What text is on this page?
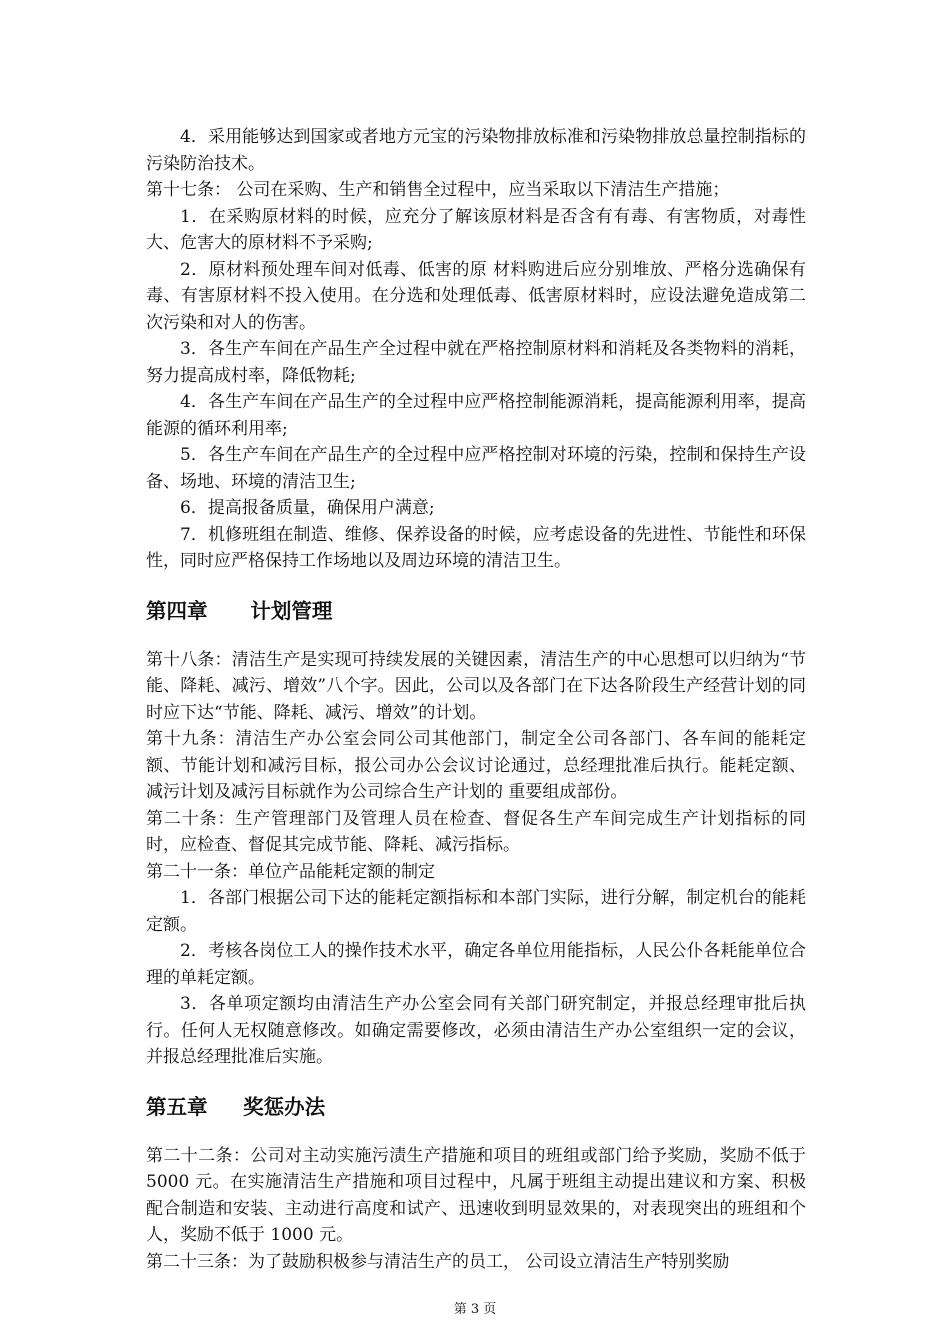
4．采用能够达到国家或者地方元宝的污染物排放标准和污染物排放总量控制指标的污染防治技术。

第十七条： 公司在采购、生产和销售全过程中，应当采取以下清洁生产措施；

1．在采购原材料的时候，应充分了解该原材料是否含有有毒、有害物质，对毒性大、危害大的原材料不予采购;

2．原材料预处理车间对低毒、低害的原 材料购进后应分别堆放、严格分选确保有毒、有害原材料不投入使用。在分选和处理低毒、低害原材料时，应设法避免造成第二次污染和对人的伤害。

3．各生产车间在产品生产全过程中就在严格控制原材料和消耗及各类物料的消耗，努力提高成村率，降低物耗;

4．各生产车间在产品生产的全过程中应严格控制能源消耗，提高能源利用率，提高能源的循环利用率;

5．各生产车间在产品生产的全过程中应严格控制对环境的污染，控制和保持生产设备、场地、环境的清洁卫生;

6．提高报备质量，确保用户满意;

7．机修班组在制造、维修、保养设备的时候，应考虑设备的先进性、节能性和环保性，同时应严格保持工作场地以及周边环境的清洁卫生。

第四章      计划管理

第十八条：清洁生产是实现可持续发展的关键因素，清洁生产的中心思想可以归纳为“节能、降耗、减污、增效”八个字。因此，公司以及各部门在下达各阶段生产经营计划的同时应下达“节能、降耗、减污、增效”的计划。

第十九条：清洁生产办公室会同公司其他部门，制定全公司各部门、各车间的能耗定额、节能计划和减污目标，报公司办公会议讨论通过，总经理批准后执行。能耗定额、减污计划及减污目标就作为公司综合生产计划的 重要组成部份。

第二十条：生产管理部门及管理人员在检查、督促各生产车间完成生产计划指标的同时，应检查、督促其完成节能、降耗、减污指标。

第二十一条：单位产品能耗定额的制定

1．各部门根据公司下达的能耗定额指标和本部门实际，进行分解，制定机台的能耗定额。

2．考核各岗位工人的操作技术水平，确定各单位用能指标，人民公仆各耗能单位合理的单耗定额。

3．各单项定额均由清洁生产办公室会同有关部门研究制定，并报总经理审批后执行。任何人无权随意修改。如确定需要修改，必须由清洁生产办公室组织一定的会议，并报总经理批准后实施。

第五章     奖惩办法

第二十二条：公司对主动实施污渍生产措施和项目的班组或部门给予奖励，奖励不低于 5000 元。在实施清洁生产措施和项目过程中，凡属于班组主动提出建议和方案、积极配合制造和安装、主动进行高度和试产、迅速收到明显效果的，对表现突出的班组和个人，奖励不低于 1000 元。

第二十三条：为了鼓励积极参与清洁生产的员工， 公司设立清洁生产特别奖励

第 3 页
